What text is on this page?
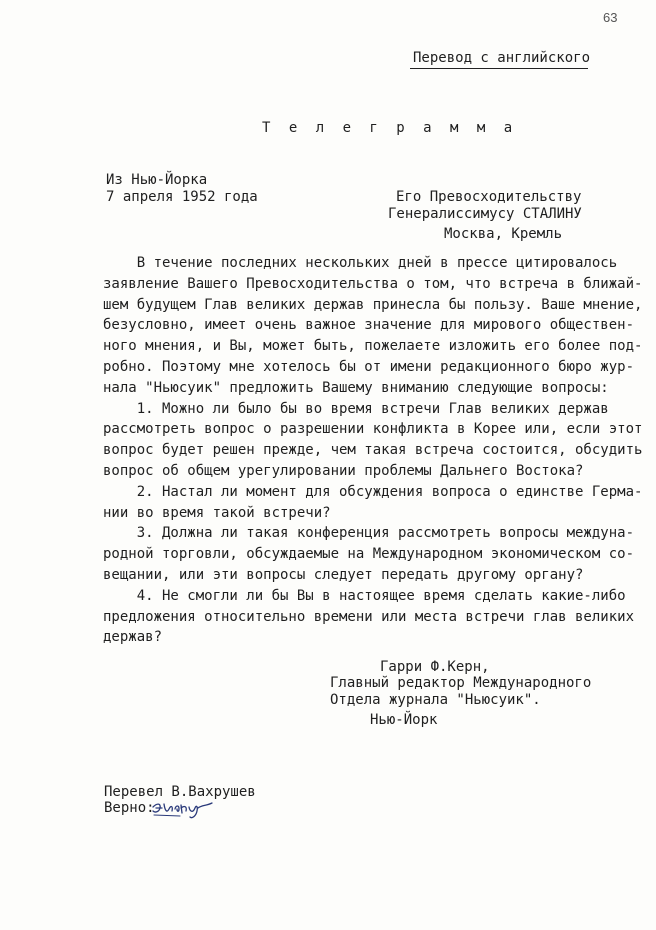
63
Перевод с английского
Т е л е г р а м м а
Из Нью-Йорка
7 апреля 1952 года	Его Превосходительству
Генералиссимусу СТАЛИНУ
Москва, Кремль
В течение последних нескольких дней в прессе цитировалось
заявление Вашего Превосходительства о том, что встреча в ближай-
шем будущем Глав великих держав принесла бы пользу. Ваше мнение,
безусловно, имеет очень важное значение для мирового обществен-
ного мнения, и Вы, может быть, пожелаете изложить его более под-
робно. Поэтому мне хотелось бы от имени редакционного бюро жур-
нала "Ньюсуик" предложить Вашему вниманию следующие вопросы:
1. Можно ли было бы во время встречи Глав великих держав
рассмотреть вопрос о разрешении конфликта в Корее или, если этот
вопрос будет решен прежде, чем такая встреча состоится, обсудить
вопрос об общем урегулировании проблемы Дальнего Востока?
2. Настал ли момент для обсуждения вопроса о единстве Герма-
нии во время такой встречи?
3. Должна ли такая конференция рассмотреть вопросы междуна-
родной торговли, обсуждаемые на Международном экономическом со-
вещании, или эти вопросы следует передать другому органу?
4. Не смогли ли бы Вы в настоящее время сделать какие-либо
предложения относительно времени или места встречи глав великих
держав?
Гарри Ф.Керн,
Главный редактор Международного
Отдела журнала "Ньюсуик".
Нью-Йорк
Перевел В.Вахрушев
Верно:
